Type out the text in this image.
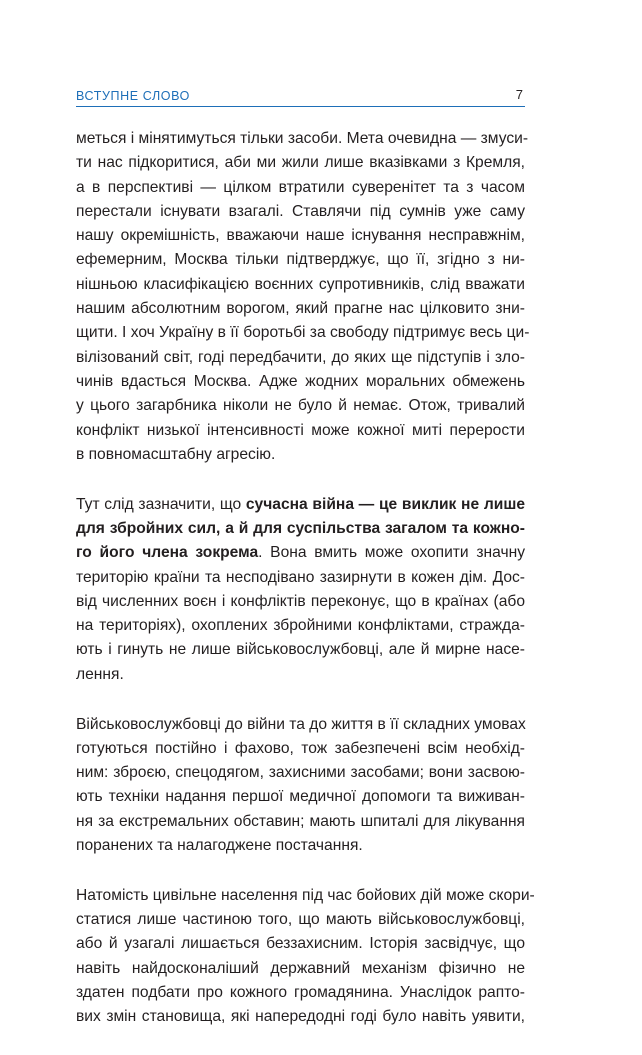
ВСТУПНЕ СЛОВО	7
меться і мінятимуться тільки засоби. Мета очевидна — змуси-
ти нас підкоритися, аби ми жили лише вказівками з Кремля,
а в перспективі — цілком втратили суверенітет та з часом
перестали існувати взагалі. Ставлячи під сумнів уже саму
нашу окремішність, вважаючи наше існування несправжнім,
ефемерним, Москва тільки підтверджує, що її, згідно з ни-
нішньою класифікацією воєнних супротивників, слід вважати
нашим абсолютним ворогом, який прагне нас цілковито зни-
щити. І хоч Україну в її боротьбі за свободу підтримує весь ци-
вілізований світ, годі передбачити, до яких ще підступів і зло-
чинів вдасться Москва. Адже жодних моральних обмежень
у цього загарбника ніколи не було й немає. Отож, тривалий
конфлікт низької інтенсивності може кожної миті перерости
в повномасштабну агресію.
Тут слід зазначити, що сучасна війна — це виклик не лише
для збройних сил, а й для суспільства загалом та кожно-
го його члена зокрема. Вона вмить може охопити значну
територію країни та несподівано зазирнути в кожен дім. Дос-
від численних воєн і конфліктів переконує, що в країнах (або
на територіях), охоплених збройними конфліктами, стражда-
ють і гинуть не лише військовослужбовці, але й мирне насе-
лення.
Військовослужбовці до війни та до життя в її складних умовах
готуються постійно і фахово, тож забезпечені всім необхід-
ним: зброєю, спецодягом, захисними засобами; вони засвою-
ють техніки надання першої медичної допомоги та виживан-
ня за екстремальних обставин; мають шпиталі для лікування
поранених та налагоджене постачання.
Натомість цивільне населення під час бойових дій може скори-
статися лише частиною того, що мають військовослужбовці,
або й узагалі лишається беззахисним. Історія засвідчує, що
навіть найдосконаліший державний механізм фізично не
здатен подбати про кожного громадянина. Унаслідок рапто-
вих змін становища, які напередодні годі було навіть уявити,
